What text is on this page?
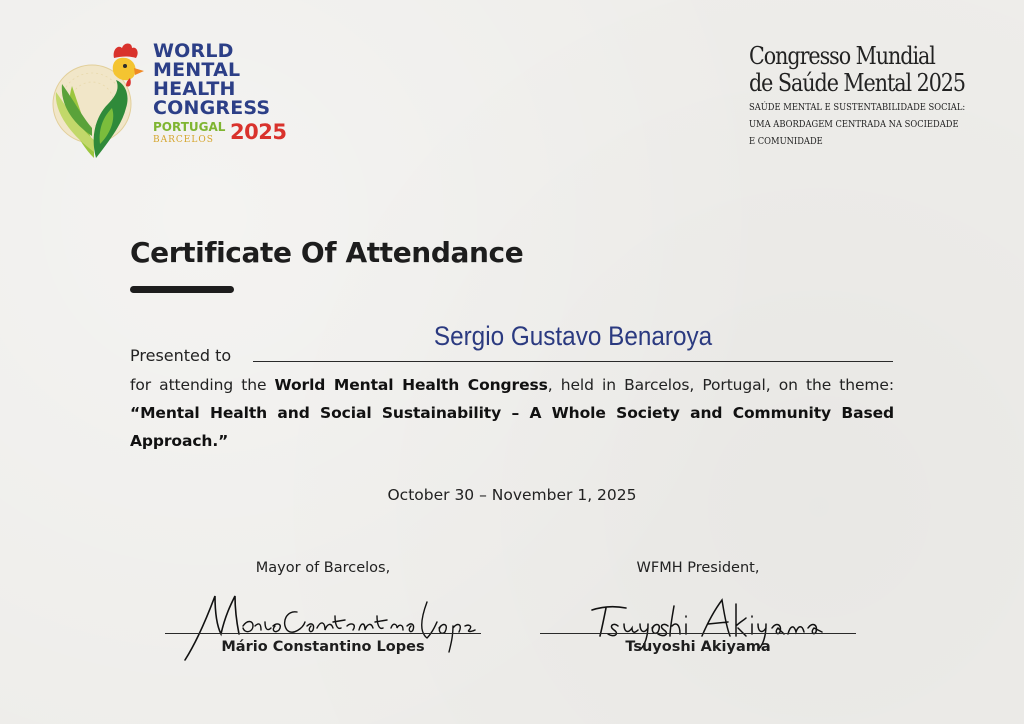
WORLD
MENTAL
HEALTH
CONGRESS
PORTUGAL
BARCELOS 2025
Congresso Mundial
de Saúde Mental 2025
SAÚDE MENTAL E SUSTENTABILIDADE SOCIAL:
UMA ABORDAGEM CENTRADA NA SOCIEDADE
E COMUNIDADE
Certificate Of Attendance
Presented to
Sergio Gustavo Benaroya

for attending the World Mental Health Congress, held in Barcelos, Portugal, on the theme: “Mental Health and Social Sustainability – A Whole Society and Community Based Approach.”

October 30 – November 1, 2025
Mayor of Barcelos,
Mário Constantino Lopes
WFMH President,
Tsuyoshi Akiyama
